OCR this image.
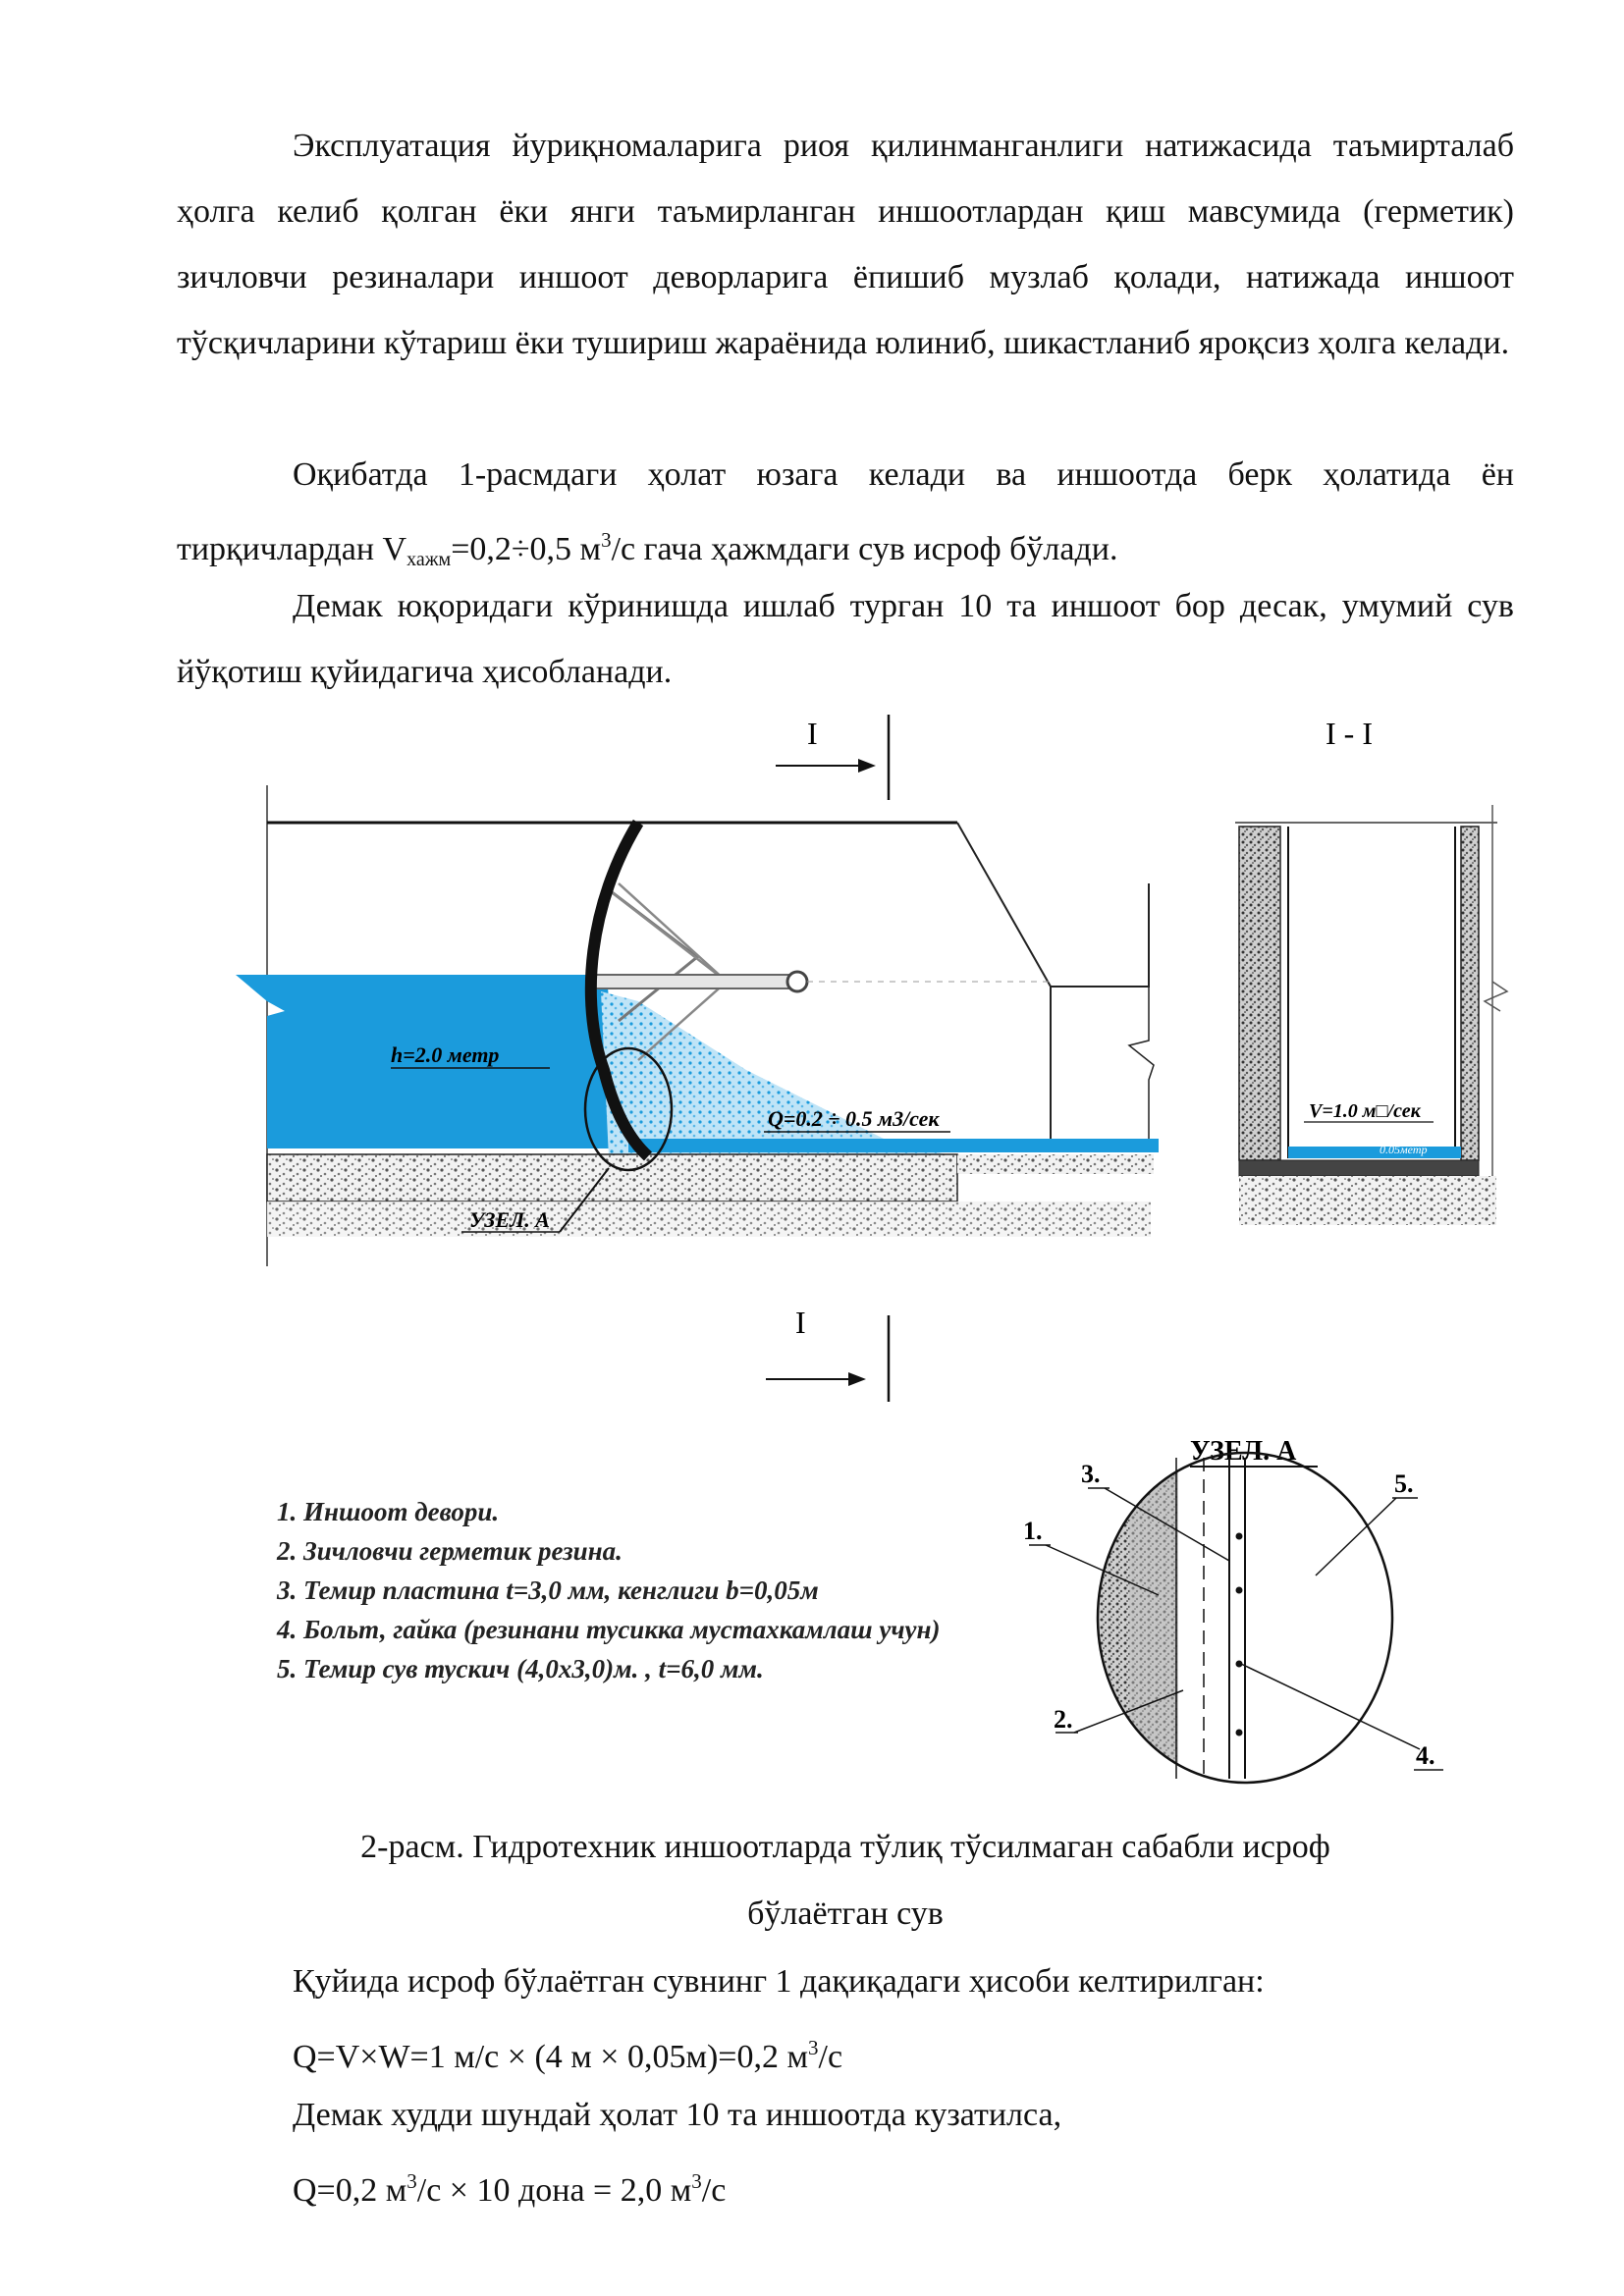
Эксплуатация йуриқномаларига риоя қилинманганлиги натижасида таъмирталаб ҳолга келиб қолган ёки янги таъмирланган иншоотлардан қиш мавсумида (герметик) зичловчи резиналари иншоот деворларига ёпишиб музлаб қолади, натижада иншоот тўсқичларини кўтариш ёки тушириш жараёнида юлиниб, шикастланиб яроқсиз ҳолга келади.

Оқибатда 1-расмдаги ҳолат юзага келади ва иншоотда берк ҳолатида ён тирқичлардан $V_{хажм}=0,2\div 0,5$ $м^3/с$ гача ҳажмдаги сув исроф бўлади.

Демак юқоридаги кўринишда ишлаб турган 10 та иншоот бор десак, умумий сув йўқотиш қуйидагича ҳисобланади.

I	I - I
УЗЕЛ. А
h=2.0 метр
Q=0.2 ÷ 0.5 м3/сек	V=1.0 м□/сек
0.05метр
I
УЗЕЛ. А
3.
1.
2.
5.
4.
1. Иншоот девори.
2. Зичловчи герметик резина.
3. Темир пластина t=3,0 мм, кенглиги b=0,05м
4. Больт, гайка (резинани тусикка мустахкамлаш учун)
5. Темир сув тускич (4,0х3,0)м. , t=6,0 мм.

2-расм. Гидротехник иншоотларда тўлиқ тўсилмаган сабабли исроф

бўлаётган сув

Қуйида исроф бўлаётган сувнинг 1 дақиқадаги ҳисоби келтирилган:

Q=V×W=1 м/с × (4 м × 0,05м)=0,2 $м^3/с$

Демак худди шундай ҳолат 10 та иншоотда кузатилса,

Q=0,2 $м^3/с \times 10$ дона = 2,0 $м^3/с$
